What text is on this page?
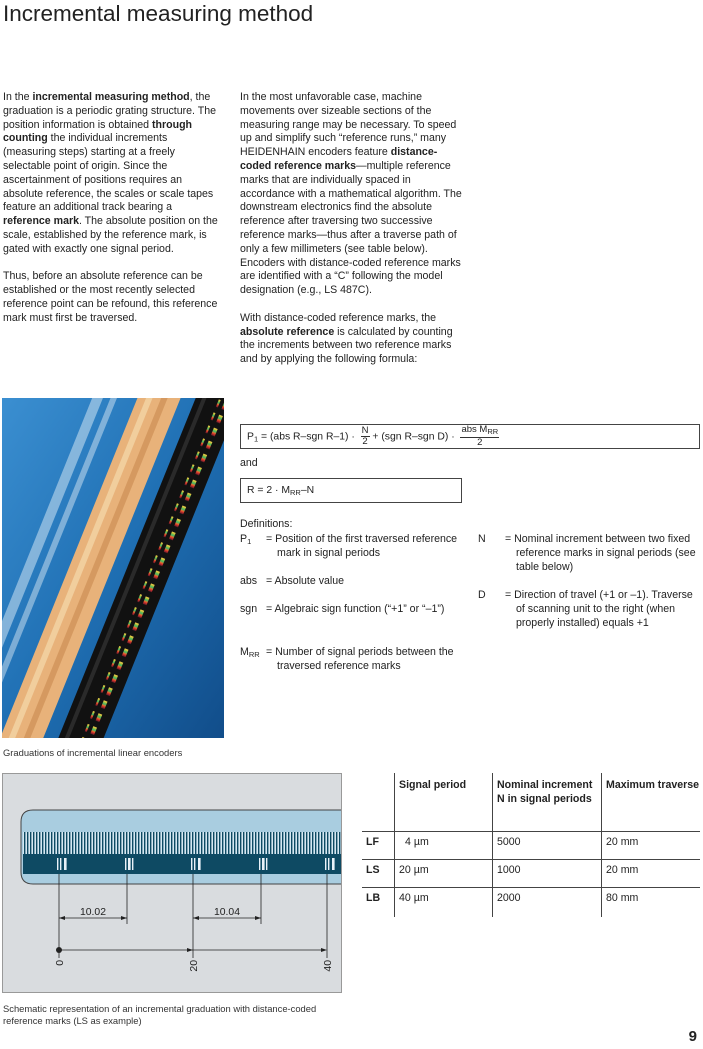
Incremental measuring method

In the incremental measuring method, the graduation is a periodic grating structure. The position information is obtained through counting the individual increments (measuring steps) starting at a freely selectable point of origin. Since the ascertainment of positions requires an absolute reference, the scales or scale tapes feature an additional track bearing a reference mark. The absolute position on the scale, established by the reference mark, is gated with exactly one signal period.

Thus, before an absolute reference can be established or the most recently selected reference point can be refound, this reference mark must first be traversed.

In the most unfavorable case, machine movements over sizeable sections of the measuring range may be necessary. To speed up and simplify such “reference runs,” many HEIDENHAIN encoders feature distance-coded reference marks—multiple reference marks that are individually spaced in accordance with a mathematical algorithm. The downstream electronics find the absolute reference after traversing two successive reference marks—thus after a traverse path of only a few millimeters (see table below). Encoders with distance-coded reference marks are identified with a “C” following the model designation (e.g., LS 487C).

With distance-coded reference marks, the absolute reference is calculated by counting the increments between two reference marks and by applying the following formula:

Graduations of incremental linear encoders
$P_1 = (abs$ R–sgn $R-1) \cdot \frac{N}{2} + (sgn$ R–sgn $D) \cdot \frac{abs M_{RR}}{2}$
and
$R = 2 \cdot M_{RR}-N$
Definitions:
$P_1$ = Position of the first traversed reference mark in signal periods
abs = Absolute value
sgn = Algebraic sign function (“+1” or “–1”)
$M_{RR}$ = Number of signal periods between the traversed reference marks
N = Nominal increment between two fixed reference marks in signal periods (see table below)
D = Direction of travel (+1 or –1). Traverse of scanning unit to the right (when properly installed) equals +1
10.02	10.04
0	20	40
Schematic representation of an incremental graduation with distance-coded reference marks (LS as example)
	Signal period	Nominal increment N in signal periods	Maximum traverse
LF	4 µm	5000	20 mm
LS	20 µm	1000	20 mm
LB	40 µm	2000	80 mm
9
